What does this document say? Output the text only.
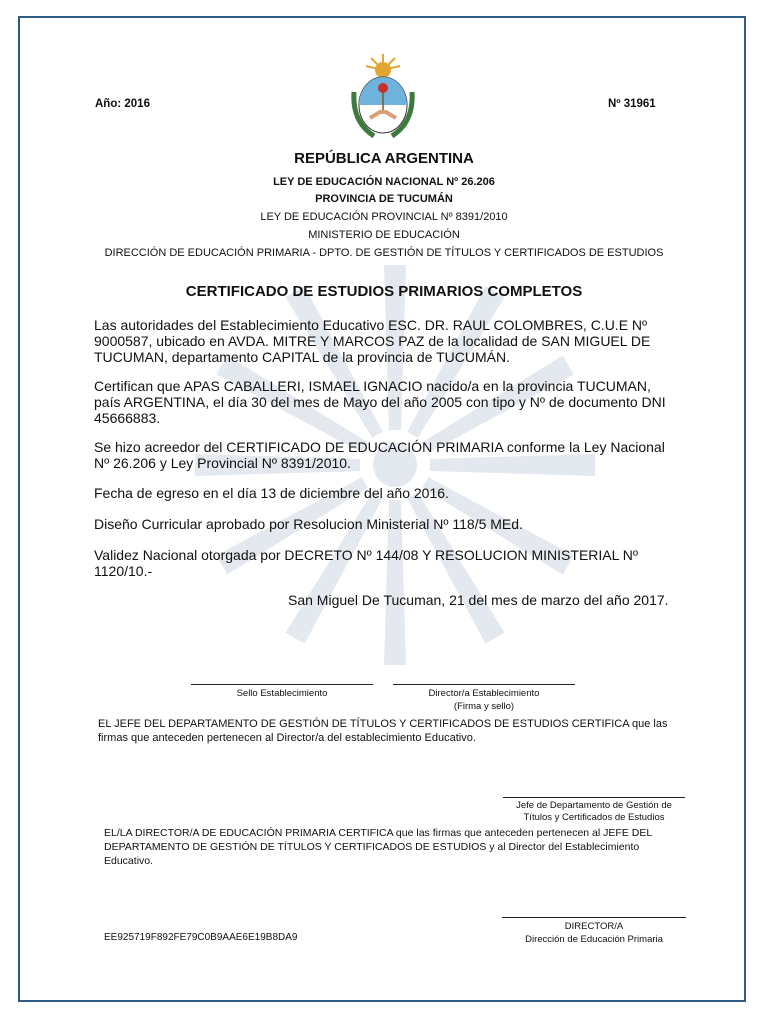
Año: 2016	Nº 31961
REPÚBLICA ARGENTINA
LEY DE EDUCACIÓN NACIONAL Nº 26.206
PROVINCIA DE TUCUMÁN
LEY DE EDUCACIÓN PROVINCIAL Nº 8391/2010
MINISTERIO DE EDUCACIÓN
DIRECCIÓN DE EDUCACIÓN PRIMARIA - DPTO. DE GESTIÓN DE TÍTULOS Y CERTIFICADOS DE ESTUDIOS
CERTIFICADO DE ESTUDIOS PRIMARIOS COMPLETOS

Las autoridades del Establecimiento Educativo ESC. DR. RAUL COLOMBRES, C.U.E Nº 9000587, ubicado en AVDA. MITRE Y MARCOS PAZ de la localidad de SAN MIGUEL DE TUCUMAN, departamento CAPITAL de la provincia de TUCUMÁN.

Certifican que APAS CABALLERI, ISMAEL IGNACIO nacido/a en la provincia TUCUMAN, país ARGENTINA, el día 30 del mes de Mayo del año 2005 con tipo y Nº de documento DNI 45666883.

Se hizo acreedor del CERTIFICADO DE EDUCACIÓN PRIMARIA conforme la Ley Nacional Nº 26.206 y Ley Provincial Nº 8391/2010.

Fecha de egreso en el día 13 de diciembre del año 2016.

Diseño Curricular aprobado por Resolucion Ministerial Nº 118/5 MEd.

Validez Nacional otorgada por DECRETO Nº 144/08 Y RESOLUCION MINISTERIAL Nº 1120/10.-

San Miguel De Tucuman, 21 del mes de marzo del año 2017.
Sello Establecimiento	Director/a Establecimiento
(Firma y sello)

EL JEFE DEL DEPARTAMENTO DE GESTIÓN DE TÍTULOS Y CERTIFICADOS DE ESTUDIOS CERTIFICA que las firmas que anteceden pertenecen al Director/a del establecimiento Educativo.

Jefe de Departamento de Gestión de
Títulos y Certificados de Estudios

EL/LA DIRECTOR/A DE EDUCACIÓN PRIMARIA CERTIFICA que las firmas que anteceden pertenecen al JEFE DEL DEPARTAMENTO DE GESTIÓN DE TÍTULOS Y CERTIFICADOS DE ESTUDIOS y al Director del Establecimiento Educativo.

DIRECTOR/A
Dirección de Educación Primaria
EE925719F892FE79C0B9AAE6E19B8DA9
